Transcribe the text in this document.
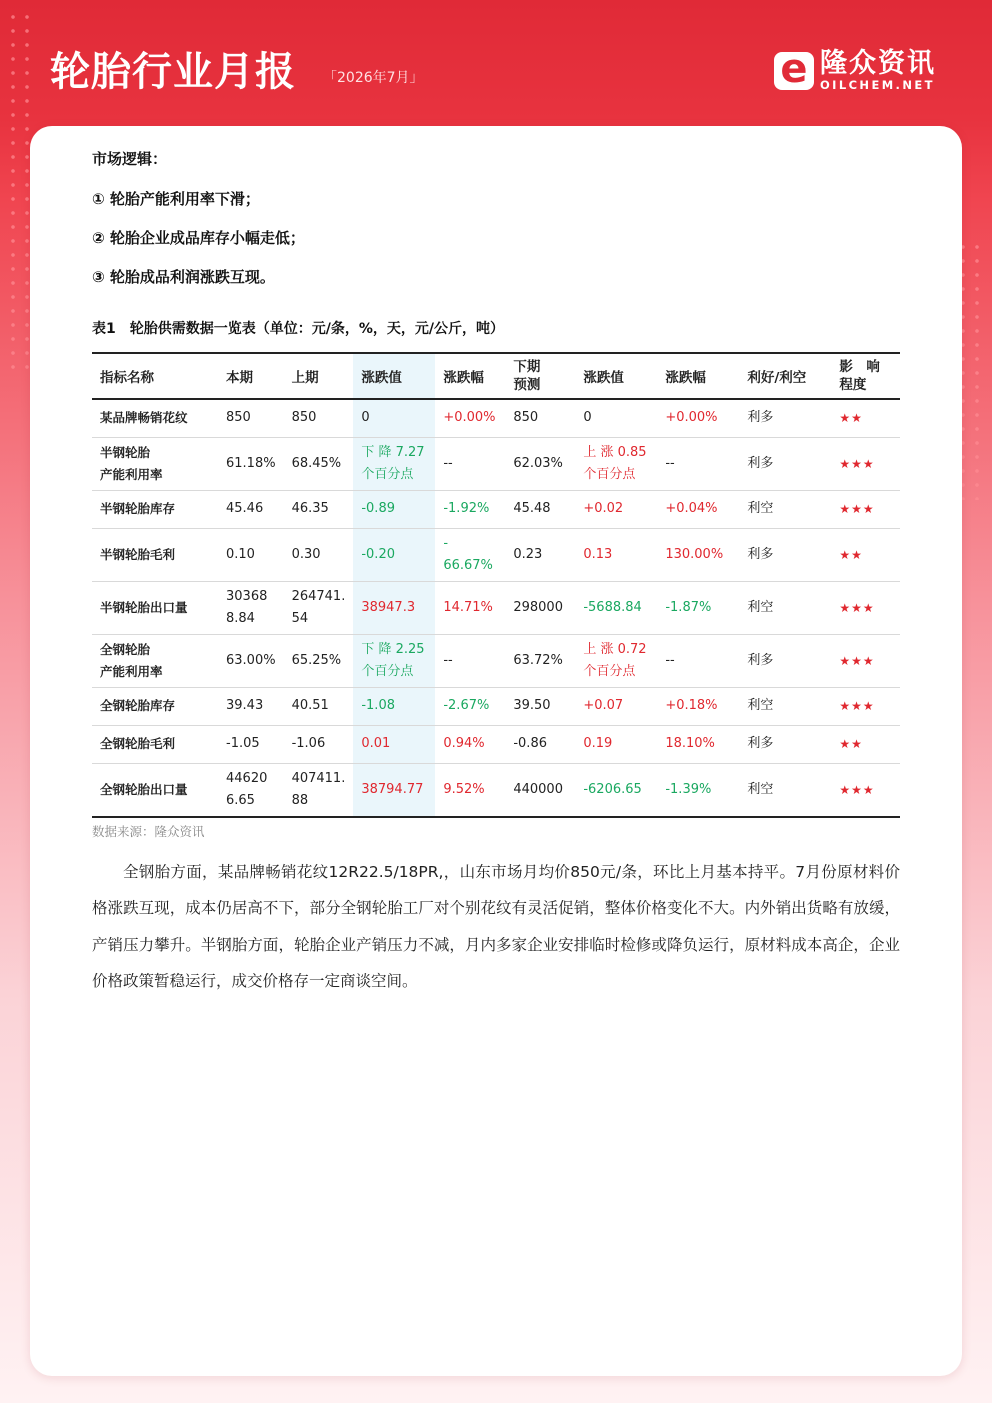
轮胎行业月报 「2026年7月」 e	隆众资讯
OILCHEM.NET
市场逻辑：
① 轮胎产能利用率下滑；
② 轮胎企业成品库存小幅走低；
③ 轮胎成品利润涨跌互现。
表1　轮胎供需数据一览表（单位：元/条，%，天，元/公斤，吨）
指标名称	本期	上期	涨跌值	涨跌幅	下期
预测	涨跌值	涨跌幅	利好/利空	影　响
程度
某品牌畅销花纹	850	850	0	+0.00%	850	0	+0.00%	利多	★★
半钢轮胎
产能利用率	61.18%	68.45%	下 降 7.27
个百分点	--	62.03%	上 涨 0.85
个百分点	--	利多	★★★
半钢轮胎库存	45.46	46.35	-0.89	-1.92%	45.48	+0.02	+0.04%	利空	★★★
半钢轮胎毛利	0.10	0.30	-0.20	-
66.67%	0.23	0.13	130.00%	利多	★★
半钢轮胎出口量	30368
8.84	264741.
54	38947.3	14.71%	298000	-5688.84	-1.87%	利空	★★★
全钢轮胎
产能利用率	63.00%	65.25%	下 降 2.25
个百分点	--	63.72%	上 涨 0.72
个百分点	--	利多	★★★
全钢轮胎库存	39.43	40.51	-1.08	-2.67%	39.50	+0.07	+0.18%	利空	★★★
全钢轮胎毛利	-1.05	-1.06	0.01	0.94%	-0.86	0.19	18.10%	利多	★★
全钢轮胎出口量	44620
6.65	407411.
88	38794.77	9.52%	440000	-6206.65	-1.39%	利空	★★★
数据来源：隆众资讯
全钢胎方面，某品牌畅销花纹12R22.5/18PR,，山东市场月均价850元/条，环比上月基本持平。7月份原材料价格涨跌互现，成本仍居高不下，部分全钢轮胎工厂对个别花纹有灵活促销，整体价格变化不大。内外销出货略有放缓，产销压力攀升。半钢胎方面，轮胎企业产销压力不减，月内多家企业安排临时检修或降负运行，原材料成本高企，企业价格政策暂稳运行，成交价格存一定商谈空间。
